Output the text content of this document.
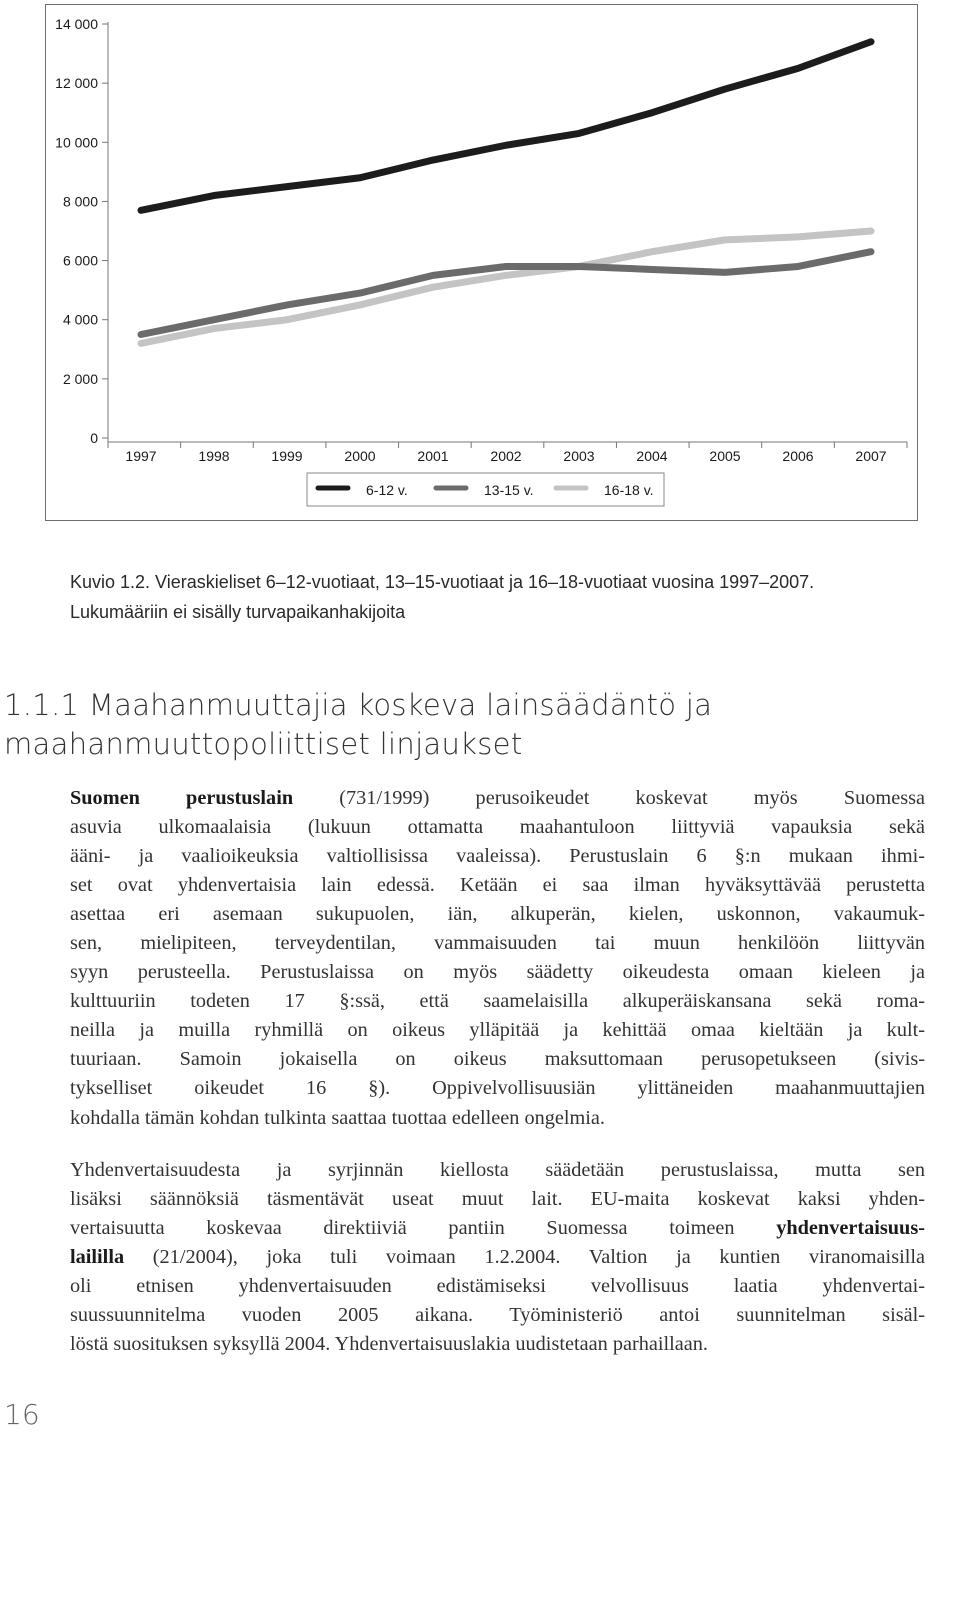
0
2 000
4 000
6 000
8 000
10 000
12 000
14 000
1997	1998	1999	2000	2001	2002	2003	2004	2005	2006	2007
6-12 v.	13-15 v.	16-18 v.

Kuvio 1.2. Vieraskieliset 6–12-vuotiaat, 13–15-vuotiaat ja 16–18-vuotiaat vuosina 1997–2007.
Lukumääriin ei sisälly turvapaikanhakijoita

1.1.1 Maahanmuuttajia koskeva lainsäädäntö ja
maahanmuuttopoliittiset linjaukset

Suomen perustuslain (731/1999) perusoikeudet koskevat myös Suomessa
asuvia ulkomaalaisia (lukuun ottamatta maahantuloon liittyviä vapauksia sekä
ääni- ja vaalioikeuksia valtiollisissa vaaleissa). Perustuslain 6 §:n mukaan ihmi-
set ovat yhdenvertaisia lain edessä. Ketään ei saa ilman hyväksyttävää perustetta
asettaa eri asemaan sukupuolen, iän, alkuperän, kielen, uskonnon, vakaumuk-
sen, mielipiteen, terveydentilan, vammaisuuden tai muun henkilöön liittyvän
syyn perusteella. Perustuslaissa on myös säädetty oikeudesta omaan kieleen ja
kulttuuriin todeten 17 §:ssä, että saamelaisilla alkuperäiskansana sekä roma-
neilla ja muilla ryhmillä on oikeus ylläpitää ja kehittää omaa kieltään ja kult-
tuuriaan. Samoin jokaisella on oikeus maksuttomaan perusopetukseen (sivis-
tykselliset oikeudet 16 §). Oppivelvollisuusiän ylittäneiden maahanmuuttajien
kohdalla tämän kohdan tulkinta saattaa tuottaa edelleen ongelmia.

Yhdenvertaisuudesta ja syrjinnän kiellosta säädetään perustuslaissa, mutta sen
lisäksi säännöksiä täsmentävät useat muut lait. EU-maita koskevat kaksi yhden-
vertaisuutta koskevaa direktiiviä pantiin Suomessa toimeen yhdenvertaisuus-
laililla (21/2004), joka tuli voimaan 1.2.2004. Valtion ja kuntien viranomaisilla
oli etnisen yhdenvertaisuuden edistämiseksi velvollisuus laatia yhdenvertai-
suussuunnitelma vuoden 2005 aikana. Työministeriö antoi suunnitelman sisäl-
löstä suosituksen syksyllä 2004. Yhdenvertaisuuslakia uudistetaan parhaillaan.

16
